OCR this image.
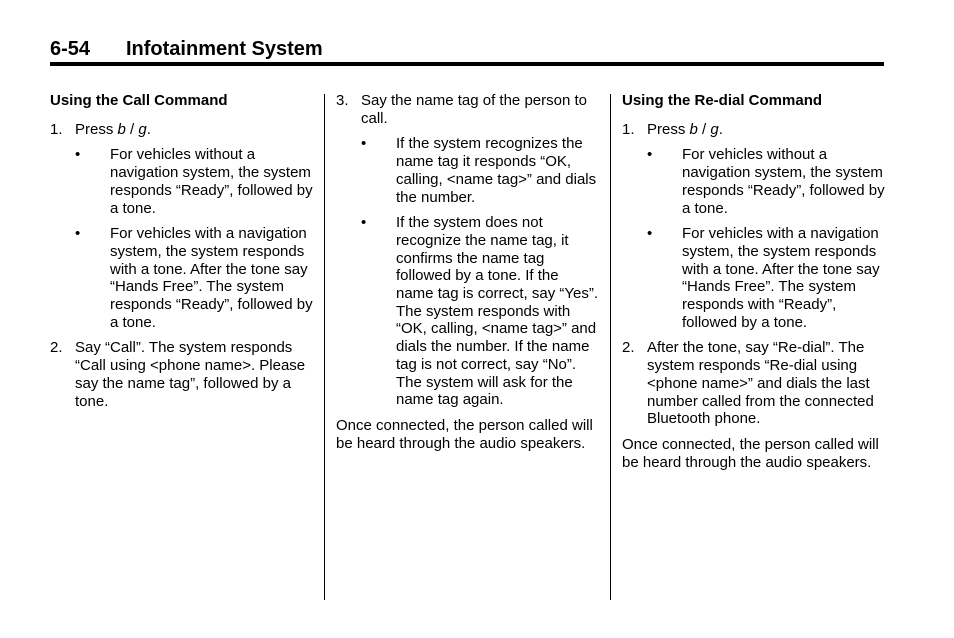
6-54 Infotainment System

Using the Call Command

1. Press b / g.
•	For vehicles without a navigation system, the system responds “Ready”, followed by a tone.
•	For vehicles with a navigation system, the system responds with a tone. After the tone say “Hands Free”. The system responds “Ready”, followed by a tone.
2. Say “Call”. The system responds “Call using <phone name>. Please say the name tag”, followed by a tone.
3. Say the name tag of the person to call.
•	If the system recognizes the name tag it responds “OK, calling, <name tag>” and dials the number.
•	If the system does not recognize the name tag, it confirms the name tag followed by a tone. If the name tag is correct, say “Yes”. The system responds with “OK, calling, <name tag>” and dials the number. If the name tag is not correct, say “No”. The system will ask for the name tag again.

Once connected, the person called will be heard through the audio speakers.

Using the Re-dial Command

1. Press b / g.
•	For vehicles without a navigation system, the system responds “Ready”, followed by a tone.
•	For vehicles with a navigation system, the system responds with a tone. After the tone say “Hands Free”. The system responds with “Ready”, followed by a tone.
2. After the tone, say “Re-dial”. The system responds “Re-dial using <phone name>” and dials the last number called from the connected Bluetooth phone.

Once connected, the person called will be heard through the audio speakers.
